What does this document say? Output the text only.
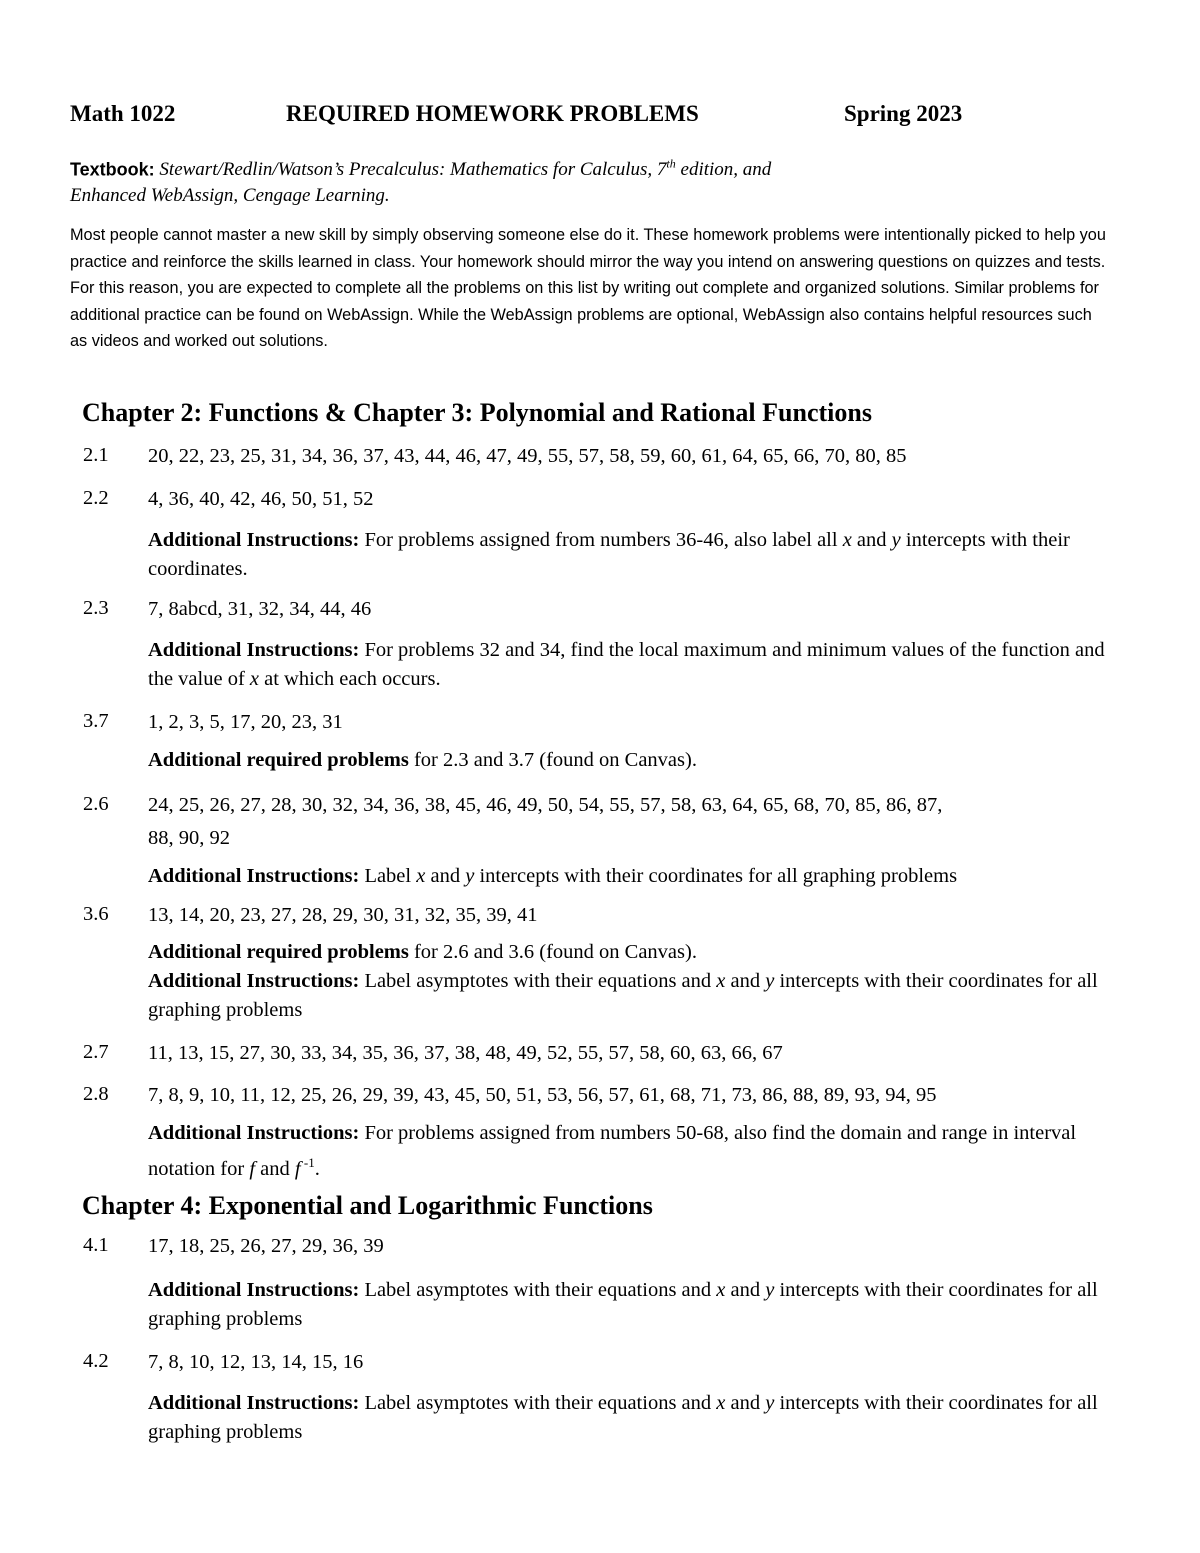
Math 1022	REQUIRED HOMEWORK PROBLEMS	Spring 2023
Textbook: Stewart/Redlin/Watson’s Precalculus: Mathematics for Calculus, 7th edition, and
Enhanced WebAssign, Cengage Learning.
Most people cannot master a new skill by simply observing someone else do it. These homework problems were intentionally picked to help you practice and reinforce the skills learned in class. Your homework should mirror the way you intend on answering questions on quizzes and tests. For this reason, you are expected to complete all the problems on this list by writing out complete and organized solutions. Similar problems for additional practice can be found on WebAssign. While the WebAssign problems are optional, WebAssign also contains helpful resources such as videos and worked out solutions.
Chapter 2: Functions & Chapter 3: Polynomial and Rational Functions
2.1 20, 22, 23, 25, 31, 34, 36, 37, 43, 44, 46, 47, 49, 55, 57, 58, 59, 60, 61, 64, 65, 66, 70, 80, 85
2.2 4, 36, 40, 42, 46, 50, 51, 52
Additional Instructions: For problems assigned from numbers 36-46, also label all x and y intercepts with their coordinates.
2.3 7, 8abcd, 31, 32, 34, 44, 46
Additional Instructions: For problems 32 and 34, find the local maximum and minimum values of the function and the value of x at which each occurs.
3.7 1, 2, 3, 5, 17, 20, 23, 31
Additional required problems for 2.3 and 3.7 (found on Canvas).
2.6 24, 25, 26, 27, 28, 30, 32, 34, 36, 38, 45, 46, 49, 50, 54, 55, 57, 58, 63, 64, 65, 68, 70, 85, 86, 87,
88, 90, 92
Additional Instructions: Label x and y intercepts with their coordinates for all graphing problems
3.6 13, 14, 20, 23, 27, 28, 29, 30, 31, 32, 35, 39, 41
Additional required problems for 2.6 and 3.6 (found on Canvas).
Additional Instructions: Label asymptotes with their equations and x and y intercepts with their coordinates for all graphing problems
2.7 11, 13, 15, 27, 30, 33, 34, 35, 36, 37, 38, 48, 49, 52, 55, 57, 58, 60, 63, 66, 67
2.8 7, 8, 9, 10, 11, 12, 25, 26, 29, 39, 43, 45, 50, 51, 53, 56, 57, 61, 68, 71, 73, 86, 88, 89, 93, 94, 95
Additional Instructions: For problems assigned from numbers 50-68, also find the domain and range in interval notation for f and f $^{-1}$.
Chapter 4: Exponential and Logarithmic Functions
4.1 17, 18, 25, 26, 27, 29, 36, 39
Additional Instructions: Label asymptotes with their equations and x and y intercepts with their coordinates for all graphing problems
4.2 7, 8, 10, 12, 13, 14, 15, 16
Additional Instructions: Label asymptotes with their equations and x and y intercepts with their coordinates for all graphing problems
